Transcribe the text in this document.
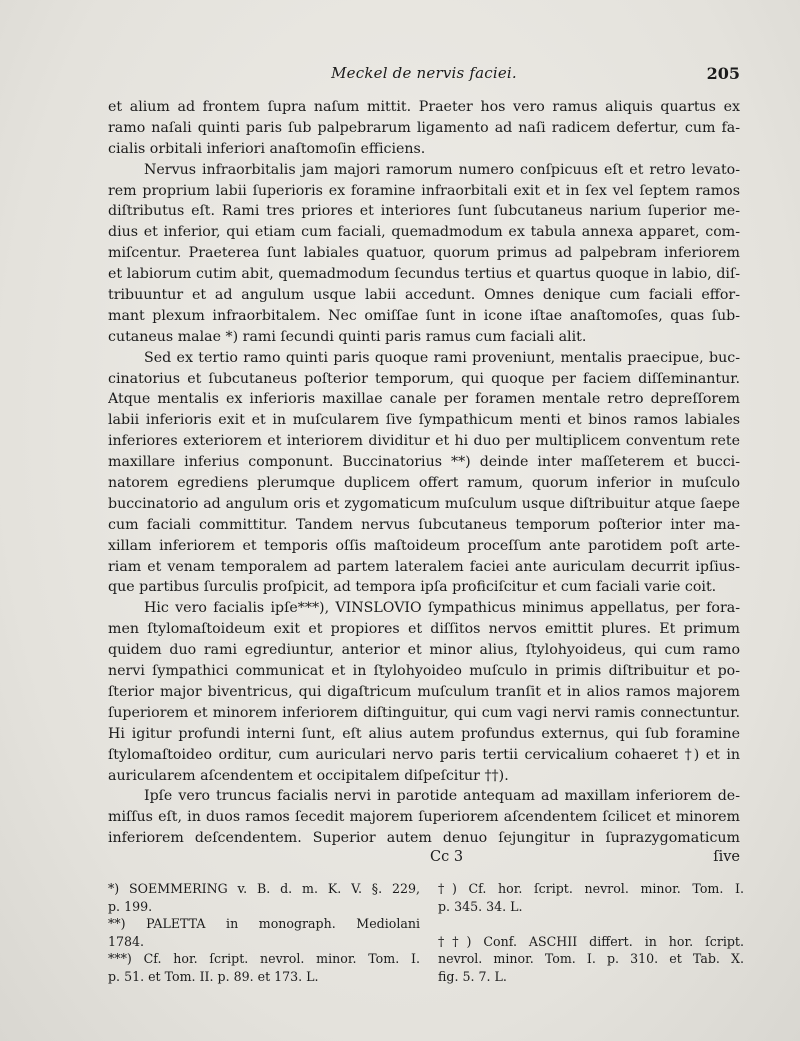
Meckel de nervis faciei.	205
et alium ad frontem ſupra naſum mittit. Praeter hos vero ramus aliquis quartus ex
ramo naſali quinti paris ſub palpebrarum ligamento ad naſi radicem defertur, cum fa-
cialis orbitali inferiori anaſtomoſin efficiens.
Nervus infraorbitalis jam majori ramorum numero conſpicuus eſt et retro levato-
rem proprium labii ſuperioris ex foramine infraorbitali exit et in ſex vel ſeptem ramos
diſtributus eſt. Rami tres priores et interiores ſunt ſubcutaneus narium ſuperior me-
dius et inferior, qui etiam cum faciali, quemadmodum ex tabula annexa apparet, com-
miſcentur. Praeterea ſunt labiales quatuor, quorum primus ad palpebram inferiorem
et labiorum cutim abit, quemadmodum ſecundus tertius et quartus quoque in labio, diſ-
tribuuntur et ad angulum usque labii accedunt. Omnes denique cum faciali effor-
mant plexum infraorbitalem. Nec omiſſae ſunt in icone iſtae anaſtomoſes, quas ſub-
cutaneus malae *) rami ſecundi quinti paris ramus cum faciali alit.
Sed ex tertio ramo quinti paris quoque rami proveniunt, mentalis praecipue, buc-
cinatorius et ſubcutaneus poſterior temporum, qui quoque per faciem diſſeminantur.
Atque mentalis ex inferioris maxillae canale per foramen mentale retro depreſſorem
labii inferioris exit et in muſcularem ſive ſympathicum menti et binos ramos labiales
inferiores exteriorem et interiorem dividitur et hi duo per multiplicem conventum rete
maxillare inferius componunt. Buccinatorius **) deinde inter maſſeterem et bucci-
natorem egrediens plerumque duplicem offert ramum, quorum inferior in muſculo
buccinatorio ad angulum oris et zygomaticum muſculum usque diſtribuitur atque ſaepe
cum faciali committitur. Tandem nervus ſubcutaneus temporum poſterior inter ma-
xillam inferiorem et temporis oſſis maſtoideum proceſſum ante parotidem poſt arte-
riam et venam temporalem ad partem lateralem faciei ante auriculam decurrit ipſius-
que partibus ſurculis proſpicit, ad tempora ipſa proficiſcitur et cum faciali varie coit.
Hic vero facialis ipſe***), VINSLOVIO ſympathicus minimus appellatus, per fora-
men ſtylomaſtoideum exit et propiores et diſſitos nervos emittit plures. Et primum
quidem duo rami egrediuntur, anterior et minor alius, ſtylohyoideus, qui cum ramo
nervi ſympathici communicat et in ſtylohyoideo muſculo in primis diſtribuitur et po-
ſterior major biventricus, qui digaſtricum muſculum tranſit et in alios ramos majorem
ſuperiorem et minorem inferiorem diſtinguitur, qui cum vagi nervi ramis connectuntur.
Hi igitur profundi interni ſunt, eſt alius autem profundus externus, qui ſub foramine
ſtylomaſtoideo orditur, cum auriculari nervo paris tertii cervicalium cohaeret †) et in
auricularem aſcendentem et occipitalem diſpeſcitur ††).
Ipſe vero truncus facialis nervi in parotide antequam ad maxillam inferiorem de-
miſſus eſt, in duos ramos ſecedit majorem ſuperiorem aſcendentem ſcilicet et minorem
inferiorem deſcendentem. Superior autem denuo ſejungitur in ſuprazygomaticum
Cc 3	ſive
*) SOEMMERING v. B. d. m. K. V. §. 229,
p. 199.
**) PALETTA in monograph. Mediolani
1784.
***) Cf. hor. ſcript. nevrol. minor. Tom. I.
p. 51. et Tom. II. p. 89. et 173. L.
†) Cf. hor. ſcript. nevrol. minor. Tom. I.
p. 345. 34. L.
††) Conf. ASCHII differt. in hor. ſcript.
nevrol. minor. Tom. I. p. 310. et Tab. X.
fig. 5. 7. L.
